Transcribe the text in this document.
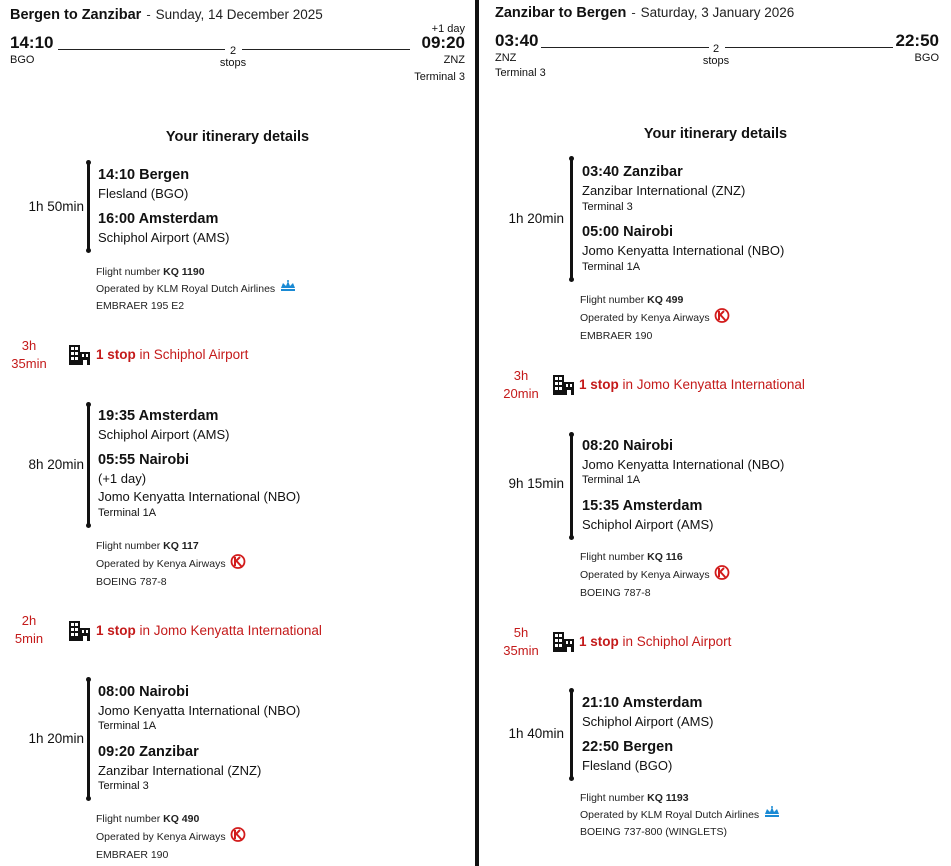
Bergen to Zanzibar - Sunday, 14 December 2025
14:10
+1 day
2
stops
09:20
BGO	ZNZ
Terminal 3
Your itinerary details
1h 50min
14:10 Bergen
Flesland (BGO)
16:00 Amsterdam
Schiphol Airport (AMS)
Flight number KQ 1190
Operated by KLM Royal Dutch Airlines
EMBRAER 195 E2
3h
35min
1 stop in Schiphol Airport
8h 20min
19:35 Amsterdam
Schiphol Airport (AMS)
05:55 Nairobi
(+1 day)
Jomo Kenyatta International (NBO)
Terminal 1A
Flight number KQ 117
Operated by Kenya Airways
BOEING 787-8
2h
5min
1 stop in Jomo Kenyatta International
1h 20min
08:00 Nairobi
Jomo Kenyatta International (NBO)
Terminal 1A
09:20 Zanzibar
Zanzibar International (ZNZ)
Terminal 3
Flight number KQ 490
Operated by Kenya Airways
EMBRAER 190
Zanzibar to Bergen - Saturday, 3 January 2026
03:40	2
stops
22:50
ZNZ	BGO
Terminal 3
Your itinerary details
1h 20min
03:40 Zanzibar
Zanzibar International (ZNZ)
Terminal 3
05:00 Nairobi
Jomo Kenyatta International (NBO)
Terminal 1A
Flight number KQ 499
Operated by Kenya Airways
EMBRAER 190
3h
20min
1 stop in Jomo Kenyatta International
9h 15min
08:20 Nairobi
Jomo Kenyatta International (NBO)
Terminal 1A
15:35 Amsterdam
Schiphol Airport (AMS)
Flight number KQ 116
Operated by Kenya Airways
BOEING 787-8
5h
35min
1 stop in Schiphol Airport
1h 40min
21:10 Amsterdam
Schiphol Airport (AMS)
22:50 Bergen
Flesland (BGO)
Flight number KQ 1193
Operated by KLM Royal Dutch Airlines
BOEING 737-800 (WINGLETS)
